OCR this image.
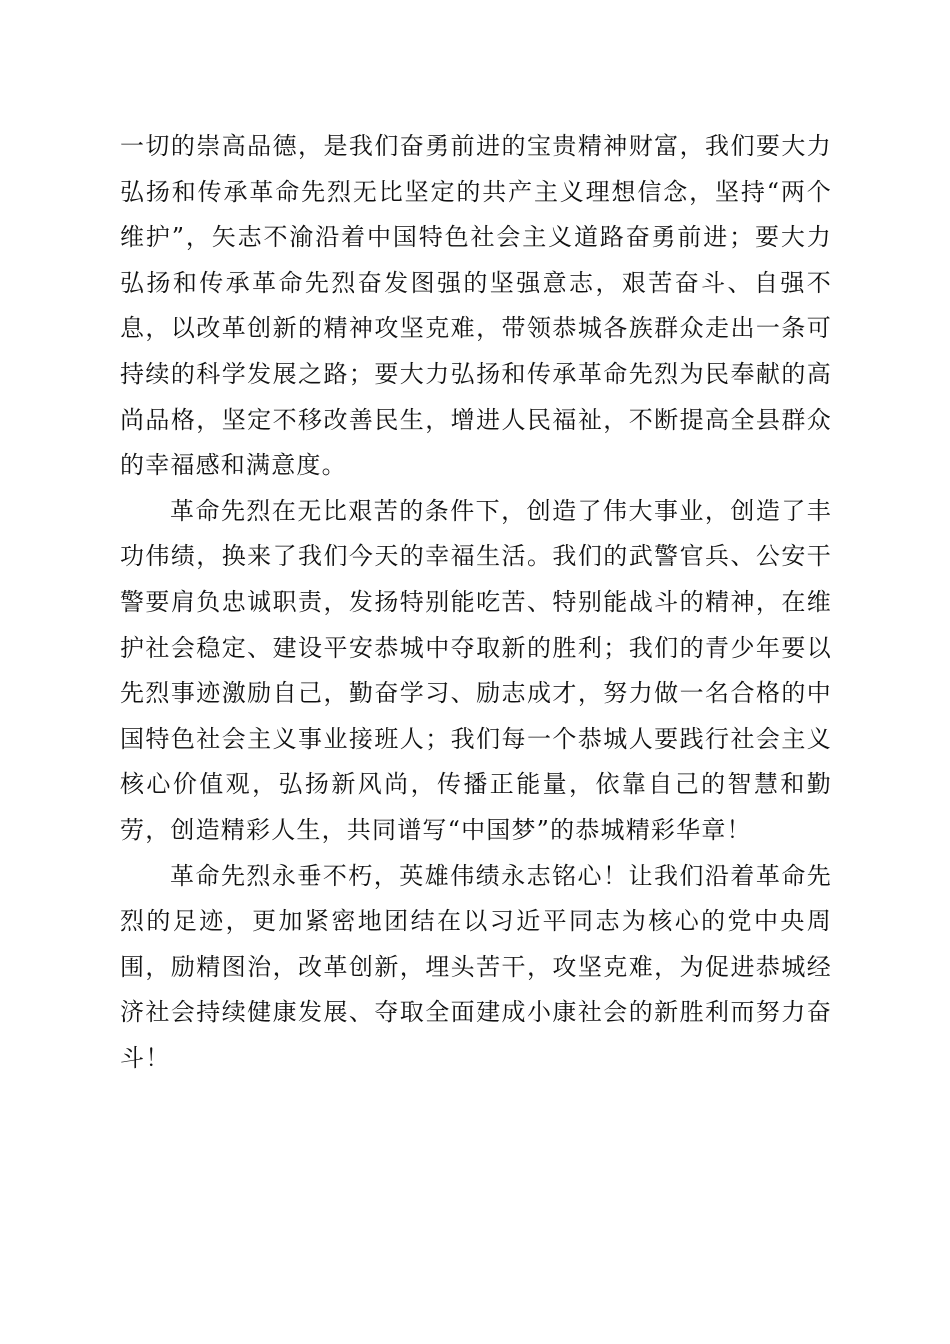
一切的崇高品德，是我们奋勇前进的宝贵精神财富，我们要大力弘扬和传承革命先烈无比坚定的共产主义理想信念，坚持“两个维护”，矢志不渝沿着中国特色社会主义道路奋勇前进；要大力弘扬和传承革命先烈奋发图强的坚强意志，艰苦奋斗、自强不息，以改革创新的精神攻坚克难，带领恭城各族群众走出一条可持续的科学发展之路；要大力弘扬和传承革命先烈为民奉献的高尚品格，坚定不移改善民生，增进人民福祉，不断提高全县群众的幸福感和满意度。

革命先烈在无比艰苦的条件下，创造了伟大事业，创造了丰功伟绩，换来了我们今天的幸福生活。我们的武警官兵、公安干警要肩负忠诚职责，发扬特别能吃苦、特别能战斗的精神，在维护社会稳定、建设平安恭城中夺取新的胜利；我们的青少年要以先烈事迹激励自己，勤奋学习、励志成才，努力做一名合格的中国特色社会主义事业接班人；我们每一个恭城人要践行社会主义核心价值观，弘扬新风尚，传播正能量，依靠自己的智慧和勤劳，创造精彩人生，共同谱写“中国梦”的恭城精彩华章！

革命先烈永垂不朽，英雄伟绩永志铭心！让我们沿着革命先烈的足迹，更加紧密地团结在以习近平同志为核心的党中央周围，励精图治，改革创新，埋头苦干，攻坚克难，为促进恭城经济社会持续健康发展、夺取全面建成小康社会的新胜利而努力奋斗！
